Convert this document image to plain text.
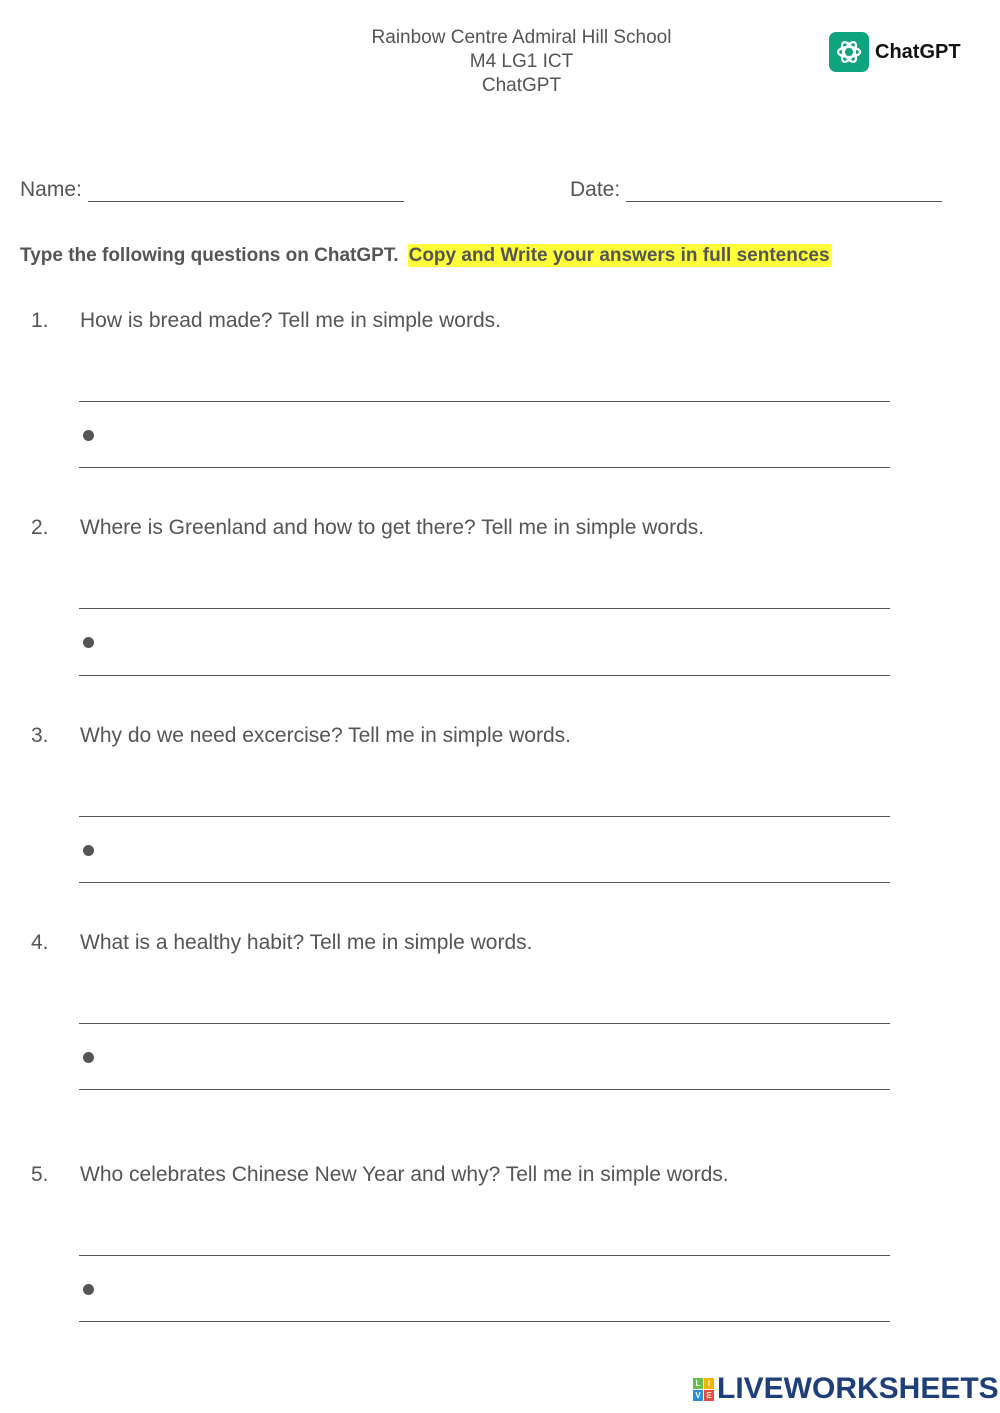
Rainbow Centre Admiral Hill School
M4 LG1 ICT
ChatGPT
ChatGPT
Name:	Date:
Type the following questions on ChatGPT. Copy and Write your answers in full sentences
1. How is bread made? Tell me in simple words.
2. Where is Greenland and how to get there? Tell me in simple words.
3. Why do we need excercise? Tell me in simple words.
4. What is a healthy habit? Tell me in simple words.
5. Who celebrates Chinese New Year and why? Tell me in simple words.
L I
V E LIVEWORKSHEETS
